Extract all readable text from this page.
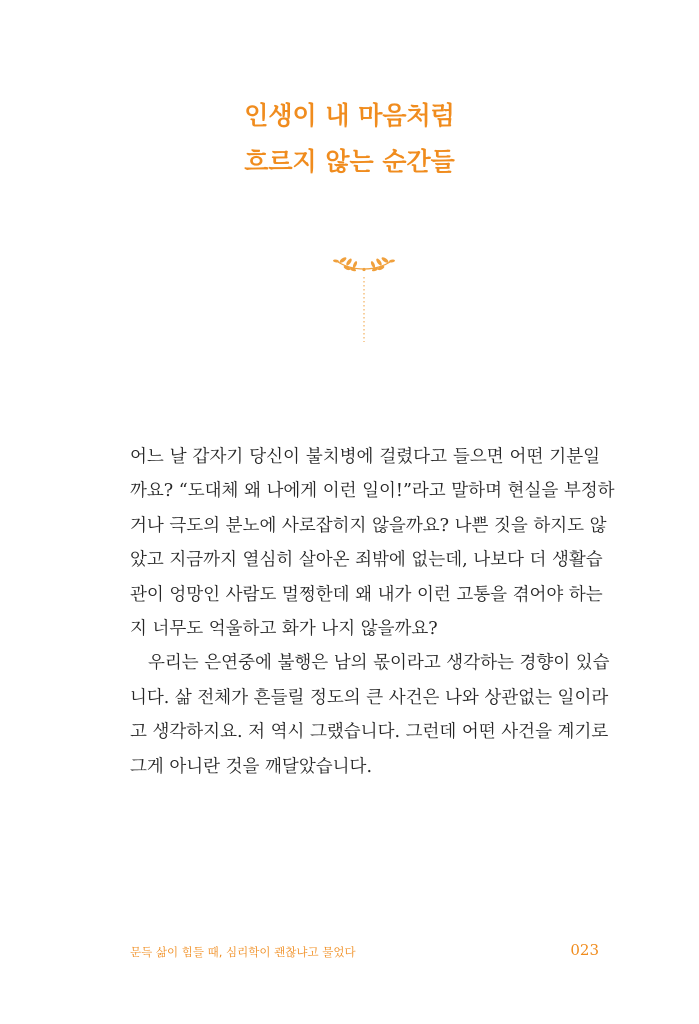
인생이 내 마음처럼
흐르지 않는 순간들
어느 날 갑자기 당신이 불치병에 걸렸다고 들으면 어떤 기분일
까요? “도대체 왜 나에게 이런 일이!”라고 말하며 현실을 부정하
거나 극도의 분노에 사로잡히지 않을까요? 나쁜 짓을 하지도 않
았고 지금까지 열심히 살아온 죄밖에 없는데, 나보다 더 생활습
관이 엉망인 사람도 멀쩡한데 왜 내가 이런 고통을 겪어야 하는
지 너무도 억울하고 화가 나지 않을까요?
우리는 은연중에 불행은 남의 몫이라고 생각하는 경향이 있습
니다. 삶 전체가 흔들릴 정도의 큰 사건은 나와 상관없는 일이라
고 생각하지요. 저 역시 그랬습니다. 그런데 어떤 사건을 계기로
그게 아니란 것을 깨달았습니다.
문득 삶이 힘들 때, 심리학이 괜찮냐고 물었다	023
